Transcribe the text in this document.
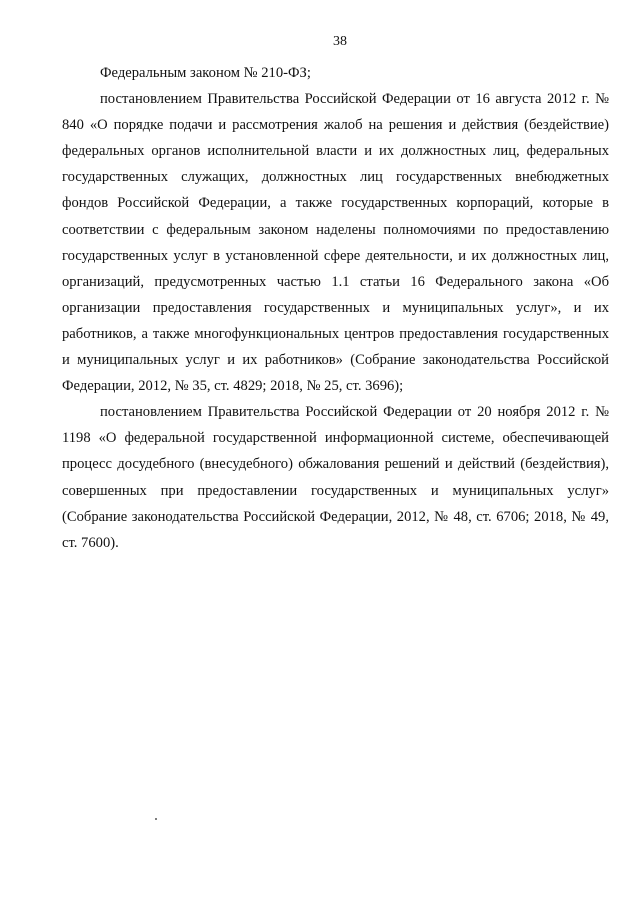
38

Федеральным законом № 210-ФЗ;

постановлением Правительства Российской Федерации от 16 августа 2012 г. № 840 «О порядке подачи и рассмотрения жалоб на решения и действия (бездействие) федеральных органов исполнительной власти и их должностных лиц, федеральных государственных служащих, должностных лиц государственных внебюджетных фондов Российской Федерации, а также государственных корпораций, которые в соответствии с федеральным законом наделены полномочиями по предоставлению государственных услуг в установленной сфере деятельности, и их должностных лиц, организаций, предусмотренных частью 1.1 статьи 16 Федерального закона «Об организации предоставления государственных и муниципальных услуг», и их работников, а также многофункциональных центров предоставления государственных и муниципальных услуг и их работников» (Собрание законодательства Российской Федерации, 2012, № 35, ст. 4829; 2018, № 25, ст. 3696);

постановлением Правительства Российской Федерации от 20 ноября 2012 г. № 1198 «О федеральной государственной информационной системе, обеспечивающей процесс досудебного (внесудебного) обжалования решений и действий (бездействия), совершенных при предоставлении государственных и муниципальных услуг» (Собрание законодательства Российской Федерации, 2012, № 48, ст. 6706; 2018, № 49, ст. 7600).
